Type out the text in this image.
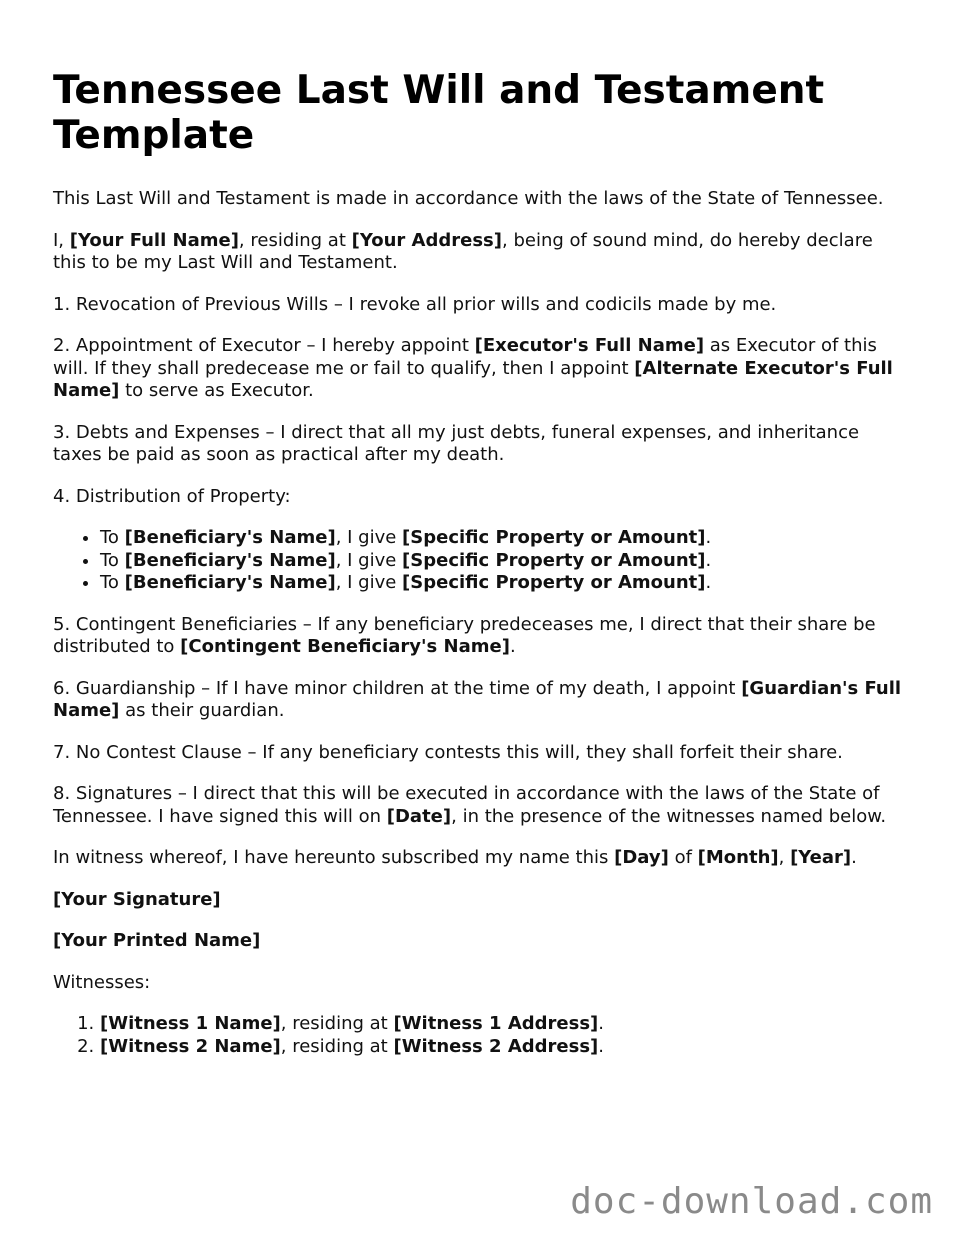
Tennessee Last Will and Testament Template

This Last Will and Testament is made in accordance with the laws of the State of Tennessee.

I, [Your Full Name], residing at [Your Address], being of sound mind, do hereby declare this to be my Last Will and Testament.

1. Revocation of Previous Wills – I revoke all prior wills and codicils made by me.

2. Appointment of Executor – I hereby appoint [Executor's Full Name] as Executor of this will. If they shall predecease me or fail to qualify, then I appoint [Alternate Executor's Full Name] to serve as Executor.

3. Debts and Expenses – I direct that all my just debts, funeral expenses, and inheritance taxes be paid as soon as practical after my death.

4. Distribution of Property:

• To [Beneficiary's Name], I give [Specific Property or Amount].
• To [Beneficiary's Name], I give [Specific Property or Amount].
• To [Beneficiary's Name], I give [Specific Property or Amount].

5. Contingent Beneficiaries – If any beneficiary predeceases me, I direct that their share be distributed to [Contingent Beneficiary's Name].

6. Guardianship – If I have minor children at the time of my death, I appoint [Guardian's Full Name] as their guardian.

7. No Contest Clause – If any beneficiary contests this will, they shall forfeit their share.

8. Signatures – I direct that this will be executed in accordance with the laws of the State of Tennessee. I have signed this will on [Date], in the presence of the witnesses named below.

In witness whereof, I have hereunto subscribed my name this [Day] of [Month], [Year].

[Your Signature]

[Your Printed Name]

Witnesses:

1. [Witness 1 Name], residing at [Witness 1 Address].
2. [Witness 2 Name], residing at [Witness 2 Address].
doc-download.com
